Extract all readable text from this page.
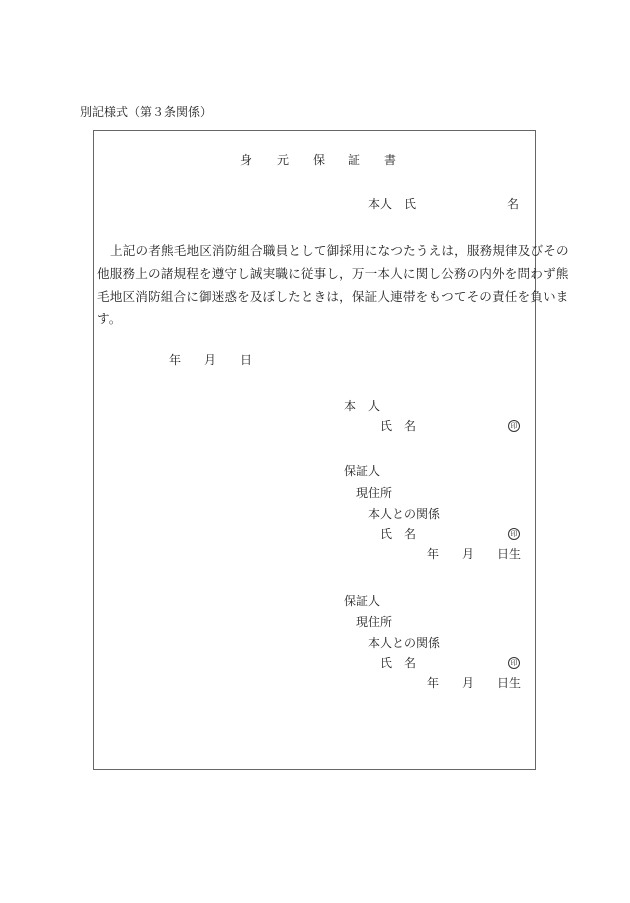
別記様式（第３条関係）
身 元 保 証 書
本人　氏	名
上記の者熊毛地区消防組合職員として御採用になつたうえは，服務規律及びその
他服務上の諸規程を遵守し誠実職に従事し，万一本人に関し公務の内外を問わず熊
毛地区消防組合に御迷惑を及ぼしたときは，保証人連帯をもつてその責任を負いま
す。
年 月 日
本　人
氏　名	印
保証人
現住所
本人との関係
氏　名	印
年 月 日生
保証人
現住所
本人との関係
氏　名	印
年 月 日生
